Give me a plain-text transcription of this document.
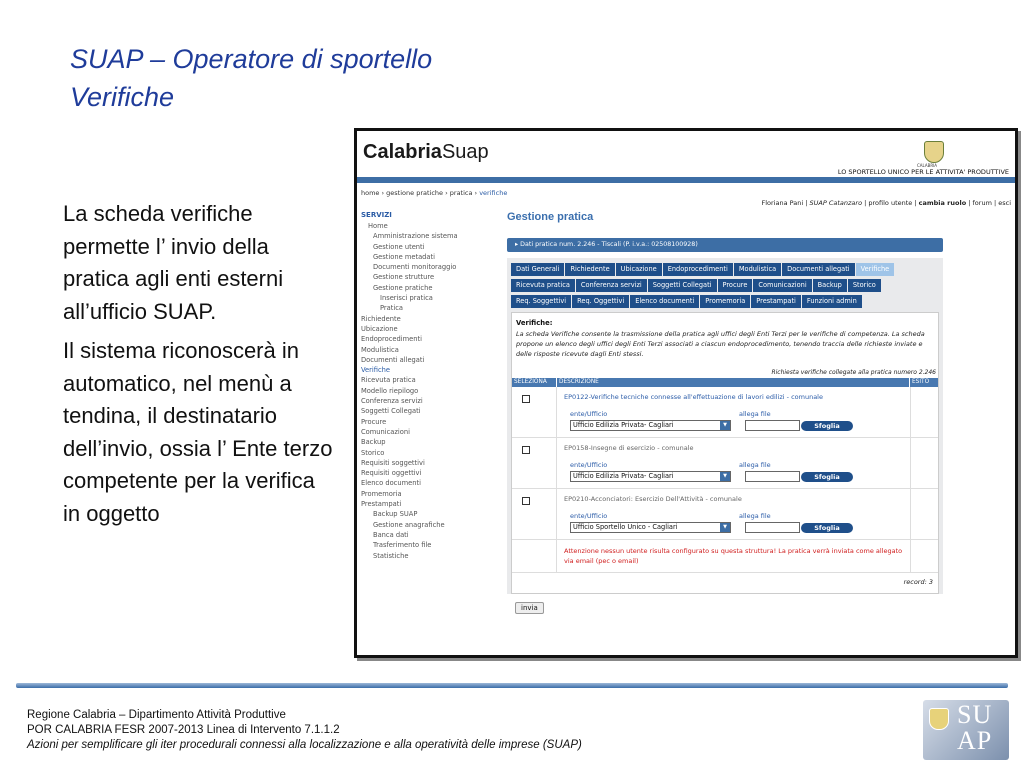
SUAP – Operatore di sportello
Verifiche

La scheda verifiche permette l’ invio della pratica agli enti esterni all’ufficio SUAP.

Il sistema riconoscerà in automatico, nel menù a tendina, il destinatario dell’invio, ossia l’ Ente terzo competente per la verifica in oggetto

CalabriaSuap
CALABRIA
LO SPORTELLO UNICO PER LE ATTIVITA' PRODUTTIVE
home › gestione pratiche › pratica › verifiche
Floriana Pani | SUAP Catanzaro | profilo utente | cambia ruolo | forum | esci
SERVIZI
Home
Amministrazione sistema
Gestione utenti
Gestione metadati
Documenti monitoraggio
Gestione strutture
Gestione pratiche
Inserisci pratica
Pratica
Richiedente
Ubicazione
Endoprocedimenti
Modulistica
Documenti allegati
Verifiche
Ricevuta pratica
Modello riepilogo
Conferenza servizi
Soggetti Collegati
Procure
Comunicazioni
Backup
Storico
Requisiti soggettivi
Requisiti oggettivi
Elenco documenti
Promemoria
Prestampati
Backup SUAP
Gestione anagrafiche
Banca dati
Trasferimento file
Statistiche
Gestione pratica
▸ Dati pratica num. 2.246 - Tiscali (P. i.v.a.: 02508100928)
Dati Generali Richiedente Ubicazione Endoprocedimenti Modulistica Documenti allegati Verifiche
Ricevuta pratica Conferenza servizi Soggetti Collegati Procure Comunicazioni Backup Storico
Req. Soggettivi Req. Oggettivi Elenco documenti Promemoria Prestampati Funzioni admin
Verifiche:
La scheda Verifiche consente la trasmissione della pratica agli uffici degli Enti Terzi per le verifiche di competenza. La scheda propone un elenco degli uffici degli Enti Terzi associati a ciascun endoprocedimento, tenendo traccia delle richieste inviate e delle risposte ricevute dagli Enti stessi.
Richiesta verifiche collegate alla pratica numero 2.246
SELEZIONA	DESCRIZIONE	ESITO
EP0122-Verifiche tecniche connesse all'effettuazione di lavori edilizi - comunale
ente/Ufficio	allega file
Ufficio Edilizia Privata- Cagliari	▼	Sfoglia
EP0158-Insegne di esercizio - comunale
ente/Ufficio	allega file
Ufficio Edilizia Privata- Cagliari	▼	Sfoglia
EP0210-Acconciatori: Esercizio Dell'Attività - comunale
ente/Ufficio	allega file
Ufficio Sportello Unico - Cagliari	▼	Sfoglia
Attenzione nessun utente risulta configurato su questa struttura! La pratica verrà inviata come allegato via email (pec o email)
record: 3
invia
Regione Calabria – Dipartimento Attività Produttive
POR CALABRIA FESR 2007-2013 Linea di Intervento 7.1.1.2
Azioni per semplificare gli iter procedurali connessi alla localizzazione e alla operatività delle imprese (SUAP)
SU
AP
